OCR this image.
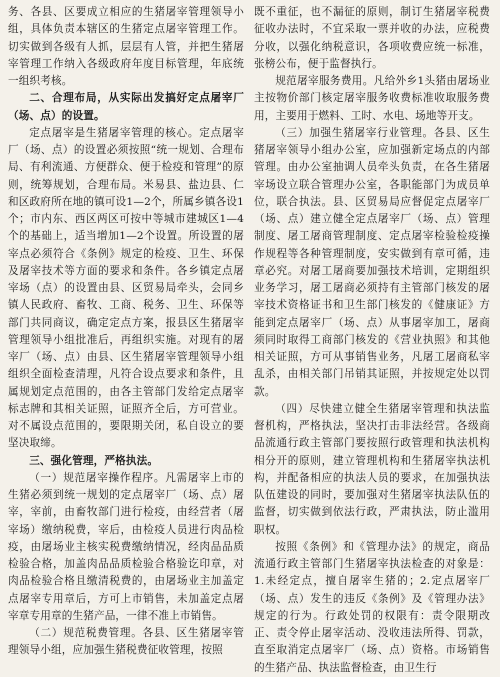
务、各县、区要成立相应的生猪屠宰管理领导小组，具体负责本辖区的生猪定点屠宰管理工作。切实做到各级有人抓，层层有人管，并把生猪屠宰管理工作纳入各级政府年度目标管理，年底统一组织考核。

二、合理布局，从实际出发搞好定点屠宰厂（场、点）的设置。

定点屠宰是生猪屠宰管理的核心。定点屠宰厂（场、点）的设置必须按照“统一规划、合理布局、有利流通、方便群众、便于检疫和管理”的原则，统筹规划，合理布局。米易县、盐边县、仁和区政府所在地的镇可设1—2个，所属乡镇各设1个；市内东、西区两区可按中等城市建城区1—4个的基础上，适当增加1—2个设置。所设置的屠宰点必须符合《条例》规定的检疫、卫生、环保及屠宰技术等方面的要求和条件。各乡镇定点屠宰场（点）的设置由县、区贸易局牵头，会同乡镇人民政府、畜牧、工商、税务、卫生、环保等部门共同商议，确定定点方案，报县区生猪屠宰管理领导小组批准后，再组织实施。对现有的屠宰厂（场、点）由县、区生猪屠宰管理领导小组组织全面检查清理，凡符合设点要求和条件，且属规划定点范围的，由各主管部门发给定点屠宰标志牌和其相关证照，证照齐全后，方可营业。对不属设点范围的，要限期关闭，私自设立的要坚决取缔。

三、强化管理，严格执法。

（一）规范屠宰操作程序。凡需屠宰上市的生猪必须到统一规划的定点屠宰厂（场、点）屠宰，宰前，由畜牧部门进行检疫，由经营者（屠宰场）缴纳税费，宰后，由检疫人员进行肉品检疫，由屠场业主核实税费缴纳情况，经肉品品质检验合格，加盖肉品品质检验合格验讫印章，对肉品检验合格且缴清税费的，由屠场业主加盖定点屠宰专用章后，方可上市销售，未加盖定点屠宰章专用章的生猪产品，一律不准上市销售。

（二）规范税费管理。各县、区生猪屠宰管理领导小组，应加强生猪税费征收管理，按照

既不重征，也不漏征的原则，制订生猪屠宰税费征收办法时，不宜采取一票并收的办法，应税费分收，以强化纳税意识，各项收费应统一标准，张榜公布，便于监督执行。

规范屠宰服务费用。凡给外乡1头猪由屠场业主按物价部门核定屠宰服务收费标准收取服务费用，主要用于燃料、工时、水电、场地等开支。

（三）加强生猪屠宰行业管理。各县、区生猪屠宰领导小组办公室，应加强新定场点的内部管理。由办公室抽调人员牵头负责，在各生猪屠宰场设立联合管理办公室，各职能部门为成员单位，联合执法。县、区贸易局应督促定点屠宰厂（场、点）建立健全定点屠宰厂（场、点）管理制度、屠工屠商管理制度、定点屠宰检验检疫操作规程等各种管理制度，安实做到有章可循，违章必究。对屠工屠商要加强技术培训，定期组织业务学习，屠工屠商必须持有主管部门核发的屠宰技术资格证书和卫生部门核发的《健康证》方能到定点屠宰厂（场、点）从事屠宰加工，屠商须同时取得工商部门核发的《营业执照》和其他相关证照，方可从事销售业务，凡屠工屠商私宰乱杀，由相关部门吊销其证照，并按规定处以罚款。

（四）尽快建立健全生猪屠宰管理和执法监督机构，严格执法，坚决打击非法经营。各级商品流通行政主管部门要按照行政管理和执法机构相分开的原则，建立管理机构和生猪屠宰执法机构，并配备相应的执法人员的要求，在加强执法队伍建设的同时，要加强对生猪屠宰执法队伍的监督，切实做到依法行政，严肃执法，防止滥用职权。

按照《条例》和《管理办法》的规定，商品流通行政主管部门生猪屠宰执法检查的对象是：1.未经定点，擅自屠宰生猪的；2.定点屠宰厂（场、点）发生的违反《条例》及《管理办法》规定的行为。行政处罚的权限有：责令限期改正、责令停止屠宰活动、没收违法所得、罚款，直至取消定点屠宰厂（场、点）资格。市场销售的生猪产品、执法监督检查，由卫生行
